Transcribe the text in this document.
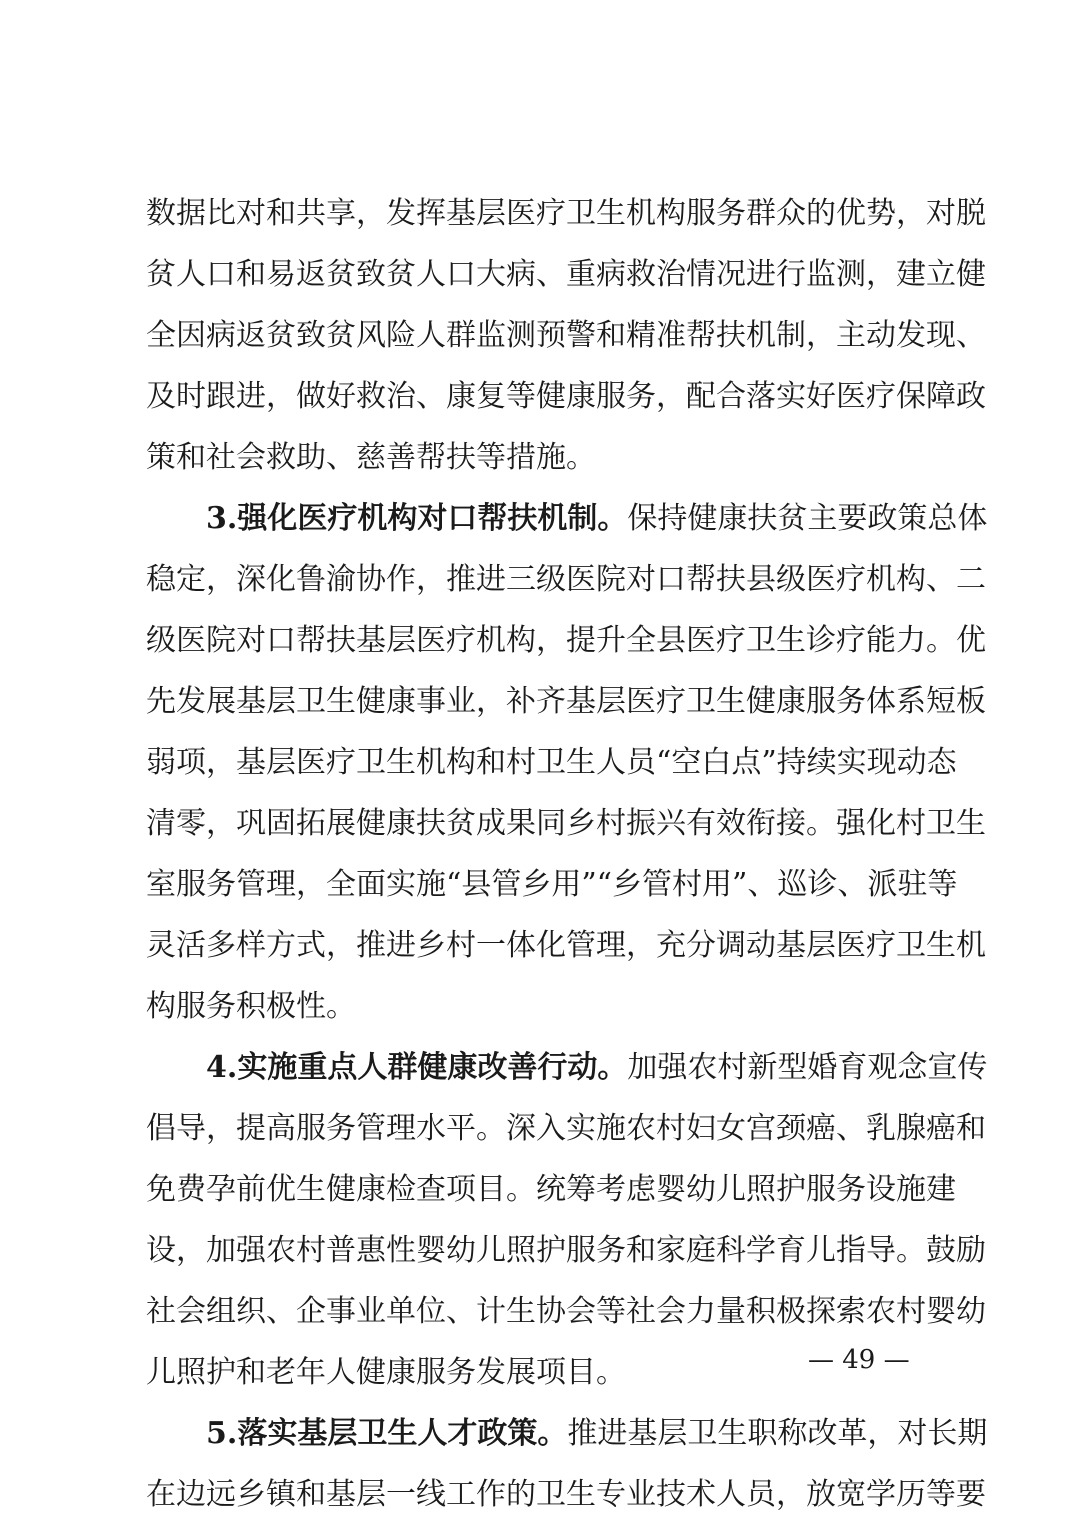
数据比对和共享，发挥基层医疗卫生机构服务群众的优势，对脱
贫人口和易返贫致贫人口大病、重病救治情况进行监测，建立健
全因病返贫致贫风险人群监测预警和精准帮扶机制，主动发现、
及时跟进，做好救治、康复等健康服务，配合落实好医疗保障政
策和社会救助、慈善帮扶等措施。
3.强化医疗机构对口帮扶机制。保持健康扶贫主要政策总体
稳定，深化鲁渝协作，推进三级医院对口帮扶县级医疗机构、二
级医院对口帮扶基层医疗机构，提升全县医疗卫生诊疗能力。优
先发展基层卫生健康事业，补齐基层医疗卫生健康服务体系短板
弱项，基层医疗卫生机构和村卫生人员“空白点”持续实现动态
清零，巩固拓展健康扶贫成果同乡村振兴有效衔接。强化村卫生
室服务管理，全面实施“县管乡用”“乡管村用”、巡诊、派驻等
灵活多样方式，推进乡村一体化管理，充分调动基层医疗卫生机
构服务积极性。
4.实施重点人群健康改善行动。加强农村新型婚育观念宣传
倡导，提高服务管理水平。深入实施农村妇女宫颈癌、乳腺癌和
免费孕前优生健康检查项目。统筹考虑婴幼儿照护服务设施建
设，加强农村普惠性婴幼儿照护服务和家庭科学育儿指导。鼓励
社会组织、企事业单位、计生协会等社会力量积极探索农村婴幼
儿照护和老年人健康服务发展项目。
5.落实基层卫生人才政策。推进基层卫生职称改革，对长期
在边远乡镇和基层一线工作的卫生专业技术人员，放宽学历等要
— 49 —
